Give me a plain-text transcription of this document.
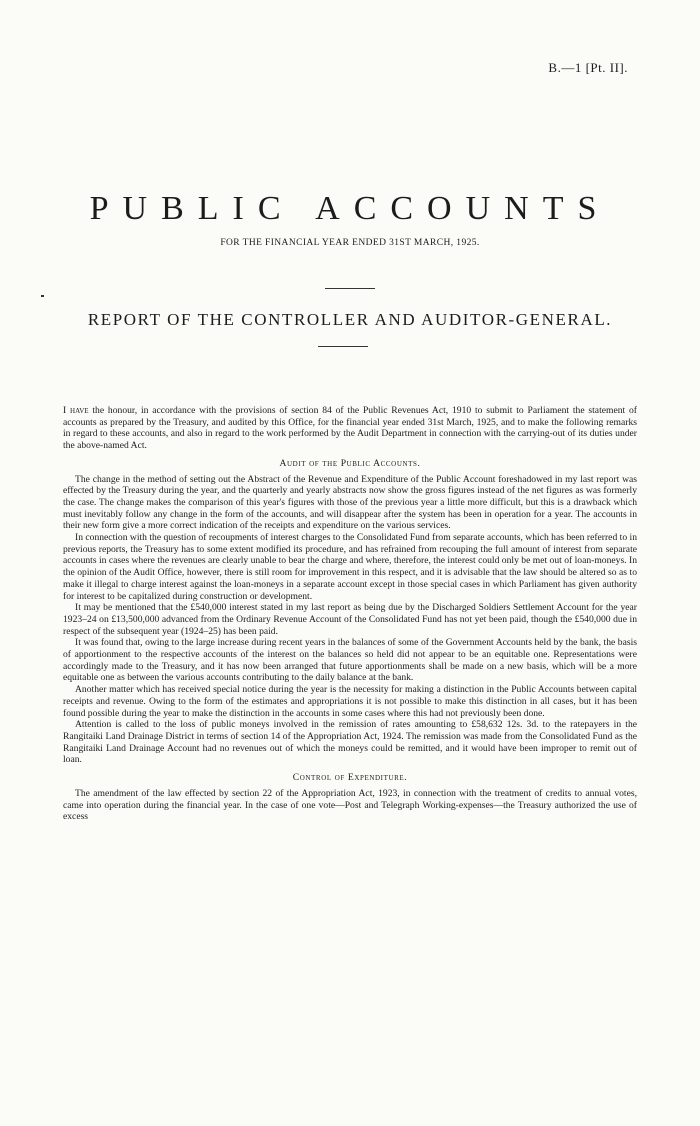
B.—1 [Pt. II].
PUBLIC ACCOUNTS

FOR THE FINANCIAL YEAR ENDED 31ST MARCH, 1925.

REPORT OF THE CONTROLLER AND AUDITOR-GENERAL.

I have the honour, in accordance with the provisions of section 84 of the Public Revenues Act, 1910 to submit to Parliament the statement of accounts as prepared by the Treasury, and audited by this Office, for the financial year ended 31st March, 1925, and to make the following remarks in regard to these accounts, and also in regard to the work performed by the Audit Department in connection with the carrying-out of its duties under the above-named Act.

Audit of the Public Accounts.

The change in the method of setting out the Abstract of the Revenue and Expenditure of the Public Account foreshadowed in my last report was effected by the Treasury during the year, and the quarterly and yearly abstracts now show the gross figures instead of the net figures as was formerly the case. The change makes the comparison of this year's figures with those of the previous year a little more difficult, but this is a drawback which must inevitably follow any change in the form of the accounts, and will disappear after the system has been in operation for a year. The accounts in their new form give a more correct indication of the receipts and expenditure on the various services.

In connection with the question of recoupments of interest charges to the Consolidated Fund from separate accounts, which has been referred to in previous reports, the Treasury has to some extent modified its procedure, and has refrained from recouping the full amount of interest from separate accounts in cases where the revenues are clearly unable to bear the charge and where, therefore, the interest could only be met out of loan-moneys. In the opinion of the Audit Office, however, there is still room for improvement in this respect, and it is advisable that the law should be altered so as to make it illegal to charge interest against the loan-moneys in a separate account except in those special cases in which Parliament has given authority for interest to be capitalized during construction or development.

It may be mentioned that the £540,000 interest stated in my last report as being due by the Discharged Soldiers Settlement Account for the year 1923–24 on £13,500,000 advanced from the Ordinary Revenue Account of the Consolidated Fund has not yet been paid, though the £540,000 due in respect of the subsequent year (1924–25) has been paid.

It was found that, owing to the large increase during recent years in the balances of some of the Government Accounts held by the bank, the basis of apportionment to the respective accounts of the interest on the balances so held did not appear to be an equitable one. Representations were accordingly made to the Treasury, and it has now been arranged that future apportionments shall be made on a new basis, which will be a more equitable one as between the various accounts contributing to the daily balance at the bank.

Another matter which has received special notice during the year is the necessity for making a distinction in the Public Accounts between capital receipts and revenue. Owing to the form of the estimates and appropriations it is not possible to make this distinction in all cases, but it has been found possible during the year to make the distinction in the accounts in some cases where this had not previously been done.

Attention is called to the loss of public moneys involved in the remission of rates amounting to £58,632 12s. 3d. to the ratepayers in the Rangitaiki Land Drainage District in terms of section 14 of the Appropriation Act, 1924. The remission was made from the Consolidated Fund as the Rangitaiki Land Drainage Account had no revenues out of which the moneys could be remitted, and it would have been improper to remit out of loan.

Control of Expenditure.

The amendment of the law effected by section 22 of the Appropriation Act, 1923, in connection with the treatment of credits to annual votes, came into operation during the financial year. In the case of one vote—Post and Telegraph Working-expenses—the Treasury authorized the use of excess
